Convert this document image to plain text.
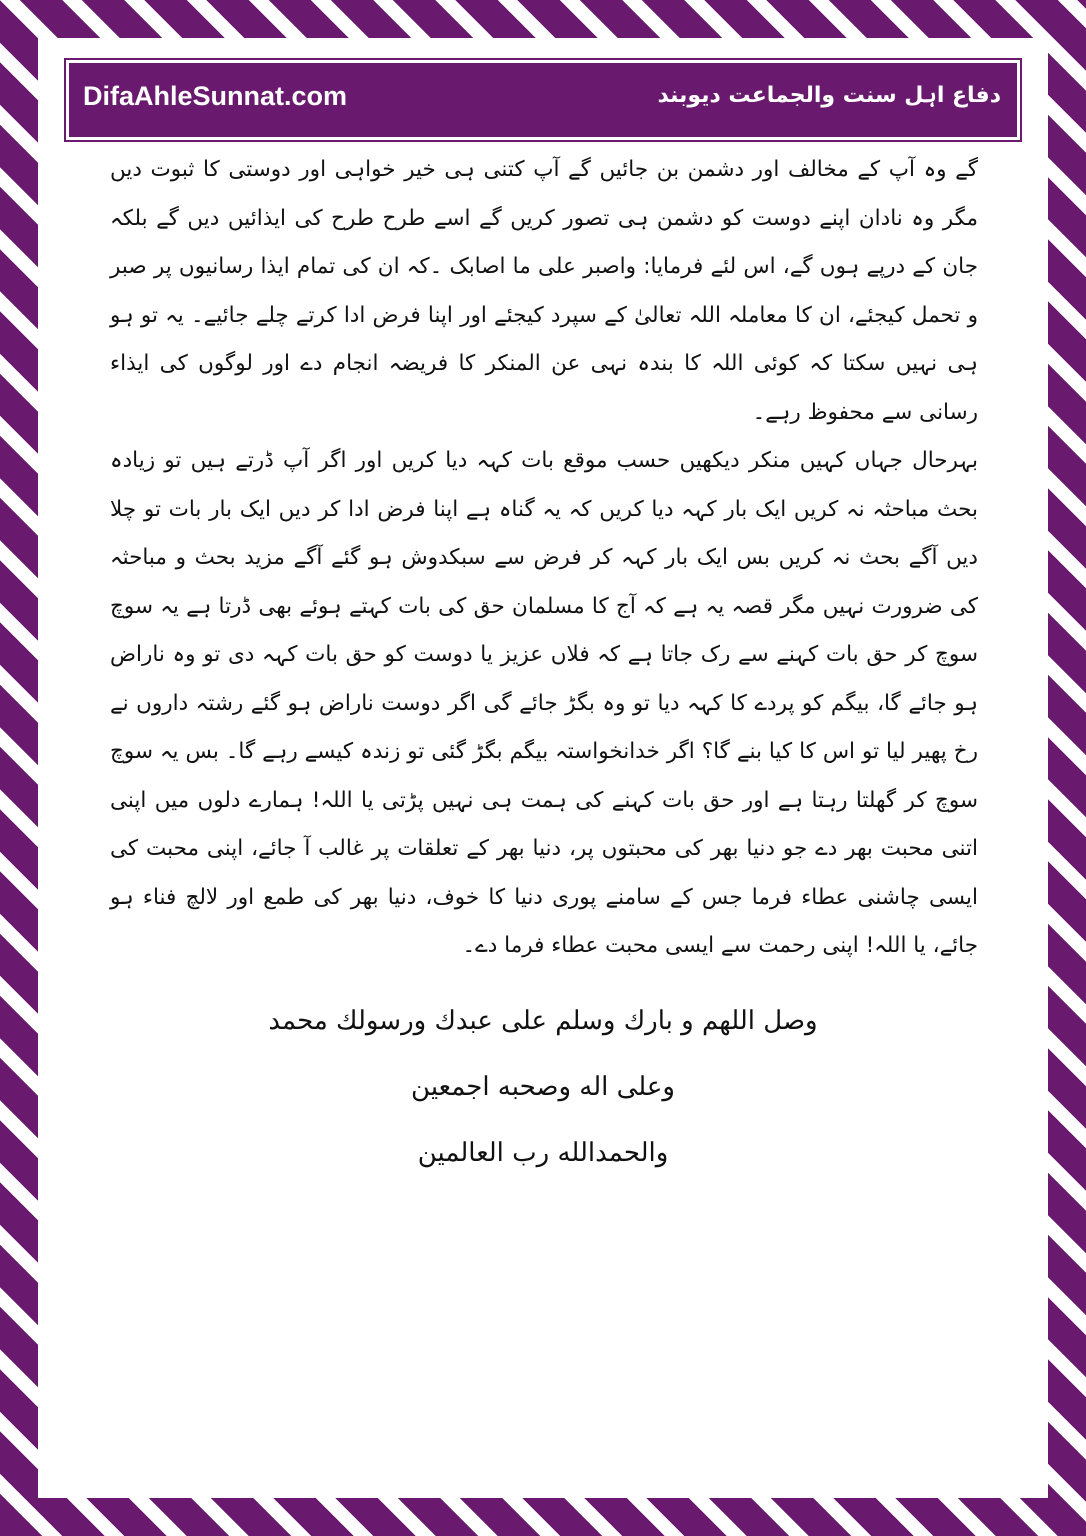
DifaAhleSunnat.com	دفاع اہل سنت والجماعت دیوبند

گے وہ آپ کے مخالف اور دشمن بن جائیں گے آپ کتنی ہی خیر خواہی اور دوستی کا ثبوت دیں مگر وہ نادان اپنے دوست کو دشمن ہی تصور کریں گے اسے طرح طرح کی ایذائیں دیں گے بلکہ جان کے درپے ہوں گے، اس لئے فرمایا: واصبر علی ما اصابک ۔کہ ان کی تمام ایذا رسانیوں پر صبر و تحمل کیجئے، ان کا معاملہ اللہ تعالیٰ کے سپرد کیجئے اور اپنا فرض ادا کرتے چلے جائیے۔ یہ تو ہو ہی نہیں سکتا کہ کوئی اللہ کا بندہ نہی عن المنکر کا فریضہ انجام دے اور لوگوں کی ایذاء رسانی سے محفوظ رہے۔

بہرحال جہاں کہیں منکر دیکھیں حسب موقع بات کہہ دیا کریں اور اگر آپ ڈرتے ہیں تو زیادہ بحث مباحثہ نہ کریں ایک بار کہہ دیا کریں کہ یہ گناہ ہے اپنا فرض ادا کر دیں ایک بار بات تو چلا دیں آگے بحث نہ کریں بس ایک بار کہہ کر فرض سے سبکدوش ہو گئے آگے مزید بحث و مباحثہ کی ضرورت نہیں مگر قصہ یہ ہے کہ آج کا مسلمان حق کی بات کہتے ہوئے بھی ڈرتا ہے یہ سوچ سوچ کر حق بات کہنے سے رک جاتا ہے کہ فلاں عزیز یا دوست کو حق بات کہہ دی تو وہ ناراض ہو جائے گا، بیگم کو پردے کا کہہ دیا تو وہ بگڑ جائے گی اگر دوست ناراض ہو گئے رشتہ داروں نے رخ پھیر لیا تو اس کا کیا بنے گا؟ اگر خدانخواستہ بیگم بگڑ گئی تو زندہ کیسے رہے گا۔ بس یہ سوچ سوچ کر گھلتا رہتا ہے اور حق بات کہنے کی ہمت ہی نہیں پڑتی یا اللہ! ہمارے دلوں میں اپنی اتنی محبت بھر دے جو دنیا بھر کی محبتوں پر، دنیا بھر کے تعلقات پر غالب آ جائے، اپنی محبت کی ایسی چاشنی عطاء فرما جس کے سامنے پوری دنیا کا خوف، دنیا بھر کی طمع اور لالچ فناء ہو جائے، یا اللہ! اپنی رحمت سے ایسی محبت عطاء فرما دے۔

وصل اللهم و بارك وسلم علی عبدك ورسولك محمد
وعلی اله وصحبه اجمعين
والحمدالله رب العالمين
